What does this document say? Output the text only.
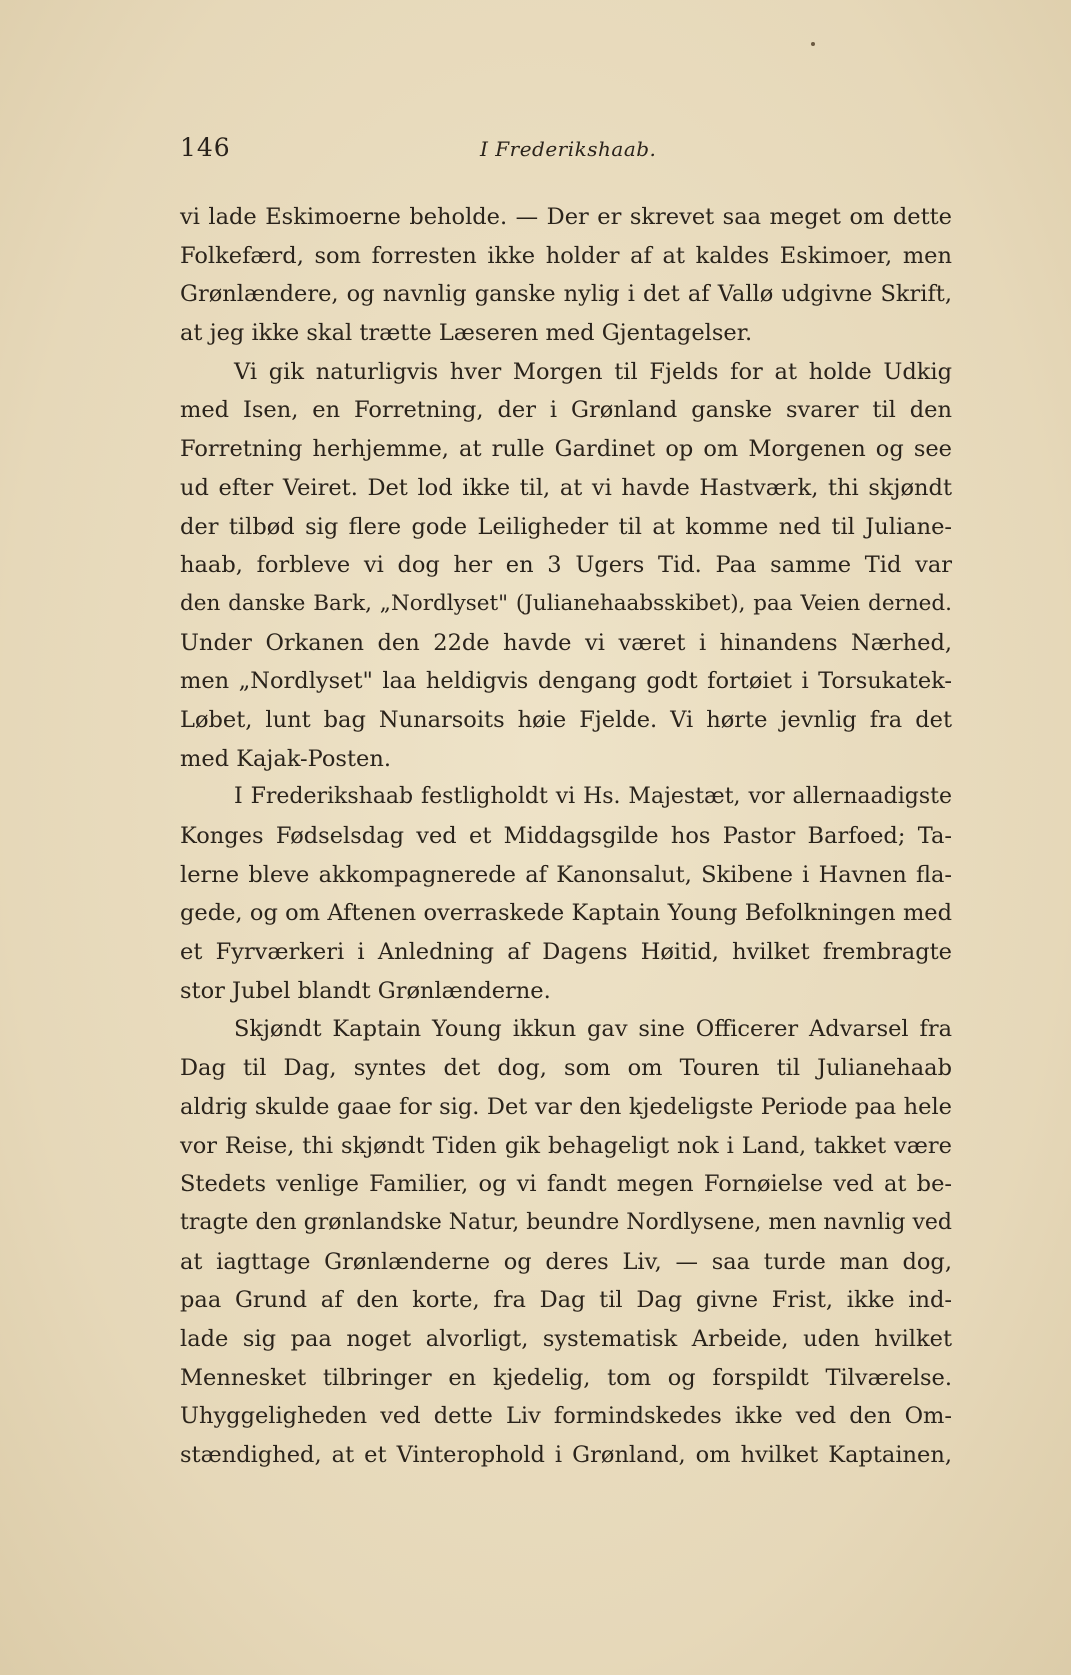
146	I Frederikshaab.
vi lade Eskimoerne beholde. — Der er skrevet saa meget om dette
Folkefærd, som forresten ikke holder af at kaldes Eskimoer, men
Grønlændere, og navnlig ganske nylig i det af Vallø udgivne Skrift,
at jeg ikke skal trætte Læseren med Gjentagelser.
Vi gik naturligvis hver Morgen til Fjelds for at holde Udkig
med Isen, en Forretning, der i Grønland ganske svarer til den
Forretning herhjemme, at rulle Gardinet op om Morgenen og see
ud efter Veiret. Det lod ikke til, at vi havde Hastværk, thi skjøndt
der tilbød sig flere gode Leiligheder til at komme ned til Juliane-
haab, forbleve vi dog her en 3 Ugers Tid. Paa samme Tid var
den danske Bark, „Nordlyset" (Julianehaabsskibet), paa Veien derned.
Under Orkanen den 22de havde vi været i hinandens Nærhed,
men „Nordlyset" laa heldigvis dengang godt fortøiet i Torsukatek-
Løbet, lunt bag Nunarsoits høie Fjelde. Vi hørte jevnlig fra det
med Kajak-Posten.
I Frederikshaab festligholdt vi Hs. Majestæt, vor allernaadigste
Konges Fødselsdag ved et Middagsgilde hos Pastor Barfoed; Ta-
lerne bleve akkompagnerede af Kanonsalut, Skibene i Havnen fla-
gede, og om Aftenen overraskede Kaptain Young Befolkningen med
et Fyrværkeri i Anledning af Dagens Høitid, hvilket frembragte
stor Jubel blandt Grønlænderne.
Skjøndt Kaptain Young ikkun gav sine Officerer Advarsel fra
Dag til Dag, syntes det dog, som om Touren til Julianehaab
aldrig skulde gaae for sig. Det var den kjedeligste Periode paa hele
vor Reise, thi skjøndt Tiden gik behageligt nok i Land, takket være
Stedets venlige Familier, og vi fandt megen Fornøielse ved at be-
tragte den grønlandske Natur, beundre Nordlysene, men navnlig ved
at iagttage Grønlænderne og deres Liv, — saa turde man dog,
paa Grund af den korte, fra Dag til Dag givne Frist, ikke ind-
lade sig paa noget alvorligt, systematisk Arbeide, uden hvilket
Mennesket tilbringer en kjedelig, tom og forspildt Tilværelse.
Uhyggeligheden ved dette Liv formindskedes ikke ved den Om-
stændighed, at et Vinterophold i Grønland, om hvilket Kaptainen,
